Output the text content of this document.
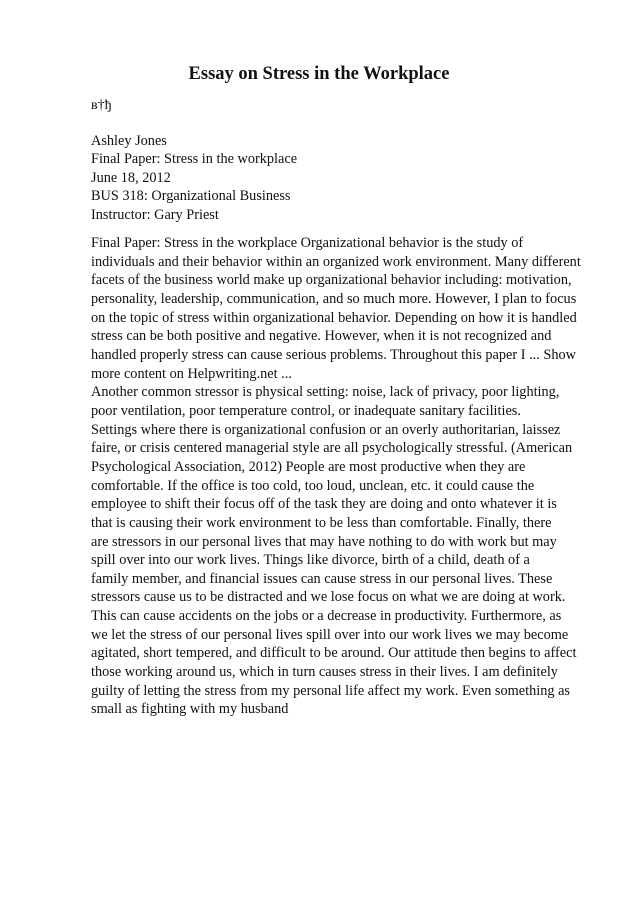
Essay on Stress in the Workplace
в†ђ
Ashley Jones
Final Paper: Stress in the workplace
June 18, 2012
BUS 318: Organizational Business
Instructor: Gary Priest
Final Paper: Stress in the workplace Organizational behavior is the study of
individuals and their behavior within an organized work environment. Many different
facets of the business world make up organizational behavior including: motivation,
personality, leadership, communication, and so much more. However, I plan to focus
on the topic of stress within organizational behavior. Depending on how it is handled
stress can be both positive and negative. However, when it is not recognized and
handled properly stress can cause serious problems. Throughout this paper I ... Show
more content on Helpwriting.net ...
Another common stressor is physical setting: noise, lack of privacy, poor lighting,
poor ventilation, poor temperature control, or inadequate sanitary facilities.
Settings where there is organizational confusion or an overly authoritarian, laissez
faire, or crisis centered managerial style are all psychologically stressful. (American
Psychological Association, 2012) People are most productive when they are
comfortable. If the office is too cold, too loud, unclean, etc. it could cause the
employee to shift their focus off of the task they are doing and onto whatever it is
that is causing their work environment to be less than comfortable. Finally, there
are stressors in our personal lives that may have nothing to do with work but may
spill over into our work lives. Things like divorce, birth of a child, death of a
family member, and financial issues can cause stress in our personal lives. These
stressors cause us to be distracted and we lose focus on what we are doing at work.
This can cause accidents on the jobs or a decrease in productivity. Furthermore, as
we let the stress of our personal lives spill over into our work lives we may become
agitated, short tempered, and difficult to be around. Our attitude then begins to affect
those working around us, which in turn causes stress in their lives. I am definitely
guilty of letting the stress from my personal life affect my work. Even something as
small as fighting with my husband
